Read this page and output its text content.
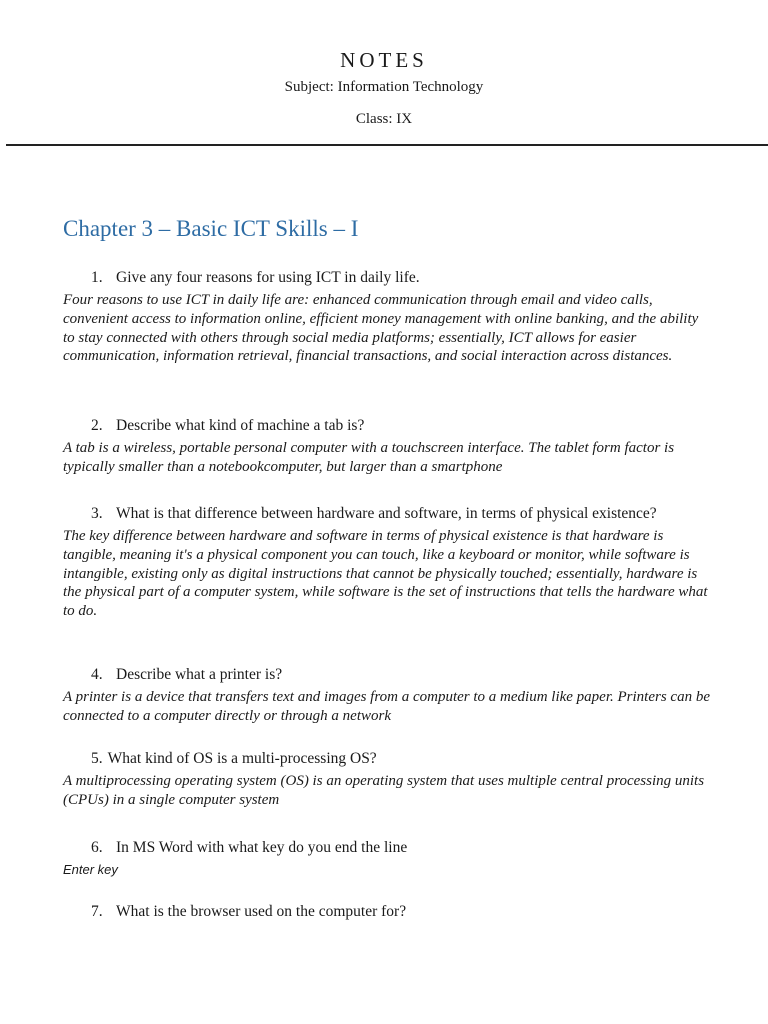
NOTES
Subject: Information Technology
Class: IX
Chapter 3 – Basic ICT Skills – I

1. Give any four reasons for using ICT in daily life.

Four reasons to use ICT in daily life are: enhanced communication through email and video calls, convenient access to information online, efficient money management with online banking, and the ability to stay connected with others through social media platforms; essentially, ICT allows for easier communication, information retrieval, financial transactions, and social interaction across distances.

2. Describe what kind of machine a tab is?

A tab is a wireless, portable personal computer with a touchscreen interface. The tablet form factor is typically smaller than a notebookcomputer, but larger than a smartphone

3. What is that difference between hardware and software, in terms of physical existence?

The key difference between hardware and software in terms of physical existence is that hardware is tangible, meaning it's a physical component you can touch, like a keyboard or monitor, while software is intangible, existing only as digital instructions that cannot be physically touched; essentially, hardware is the physical part of a computer system, while software is the set of instructions that tells the hardware what to do.

4. Describe what a printer is?

A printer is a device that transfers text and images from a computer to a medium like paper. Printers can be connected to a computer directly or through a network

5. What kind of OS is a multi-processing OS?

A multiprocessing operating system (OS) is an operating system that uses multiple central processing units (CPUs) in a single computer system

6. In MS Word with what key do you end the line

Enter key

7. What is the browser used on the computer for?
